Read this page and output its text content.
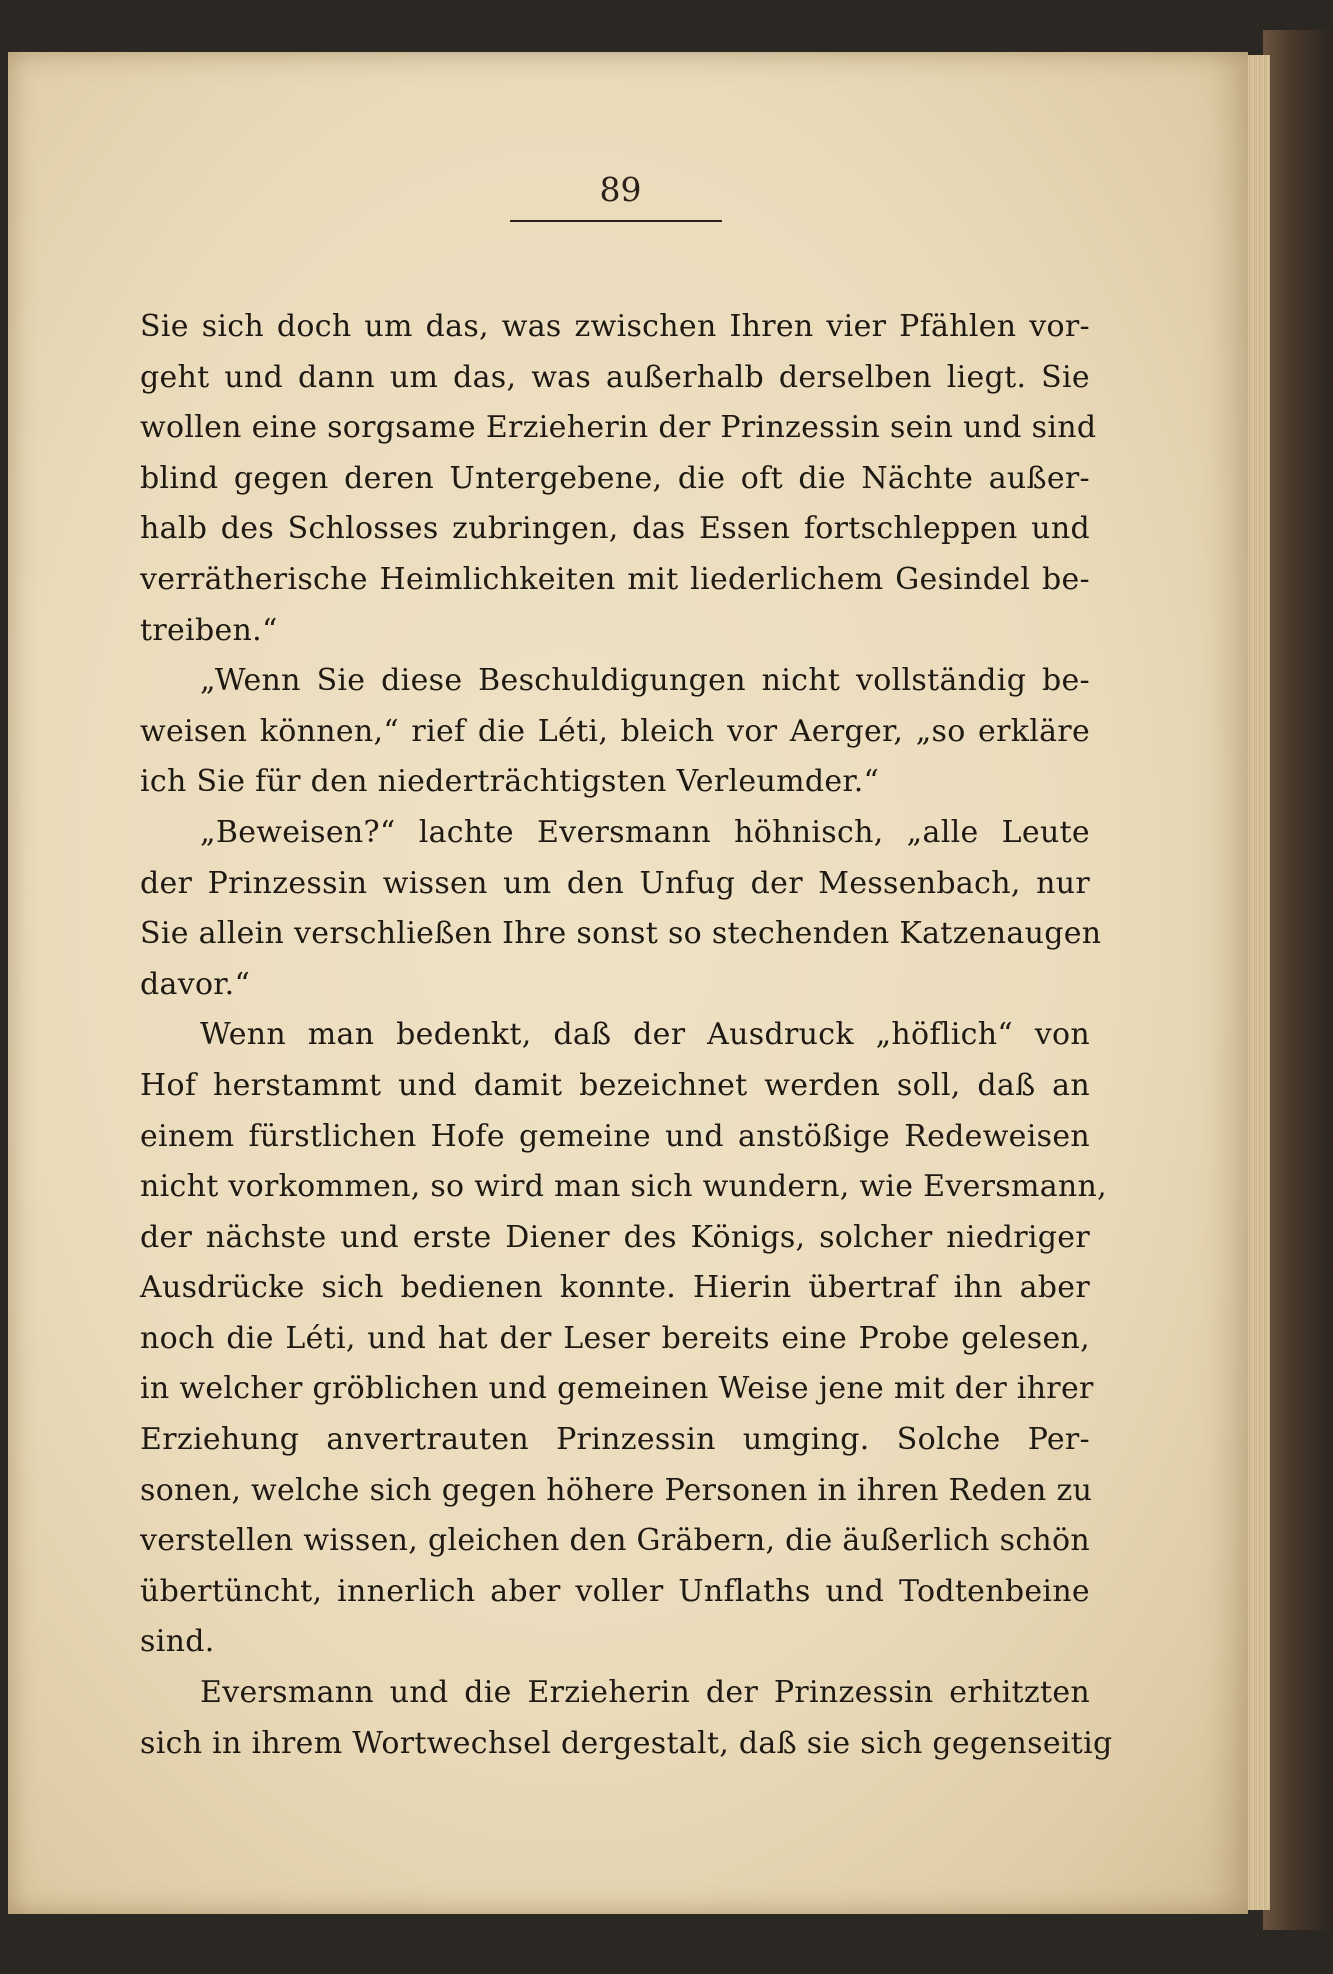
89
Sie sich doch um das, was zwischen Ihren vier Pfählen vor-
geht und dann um das, was außerhalb derselben liegt. Sie
wollen eine sorgsame Erzieherin der Prinzessin sein und sind
blind gegen deren Untergebene, die oft die Nächte außer-
halb des Schlosses zubringen, das Essen fortschleppen und
verrätherische Heimlichkeiten mit liederlichem Gesindel be-
treiben.“
„Wenn Sie diese Beschuldigungen nicht vollständig be-
weisen können,“ rief die Léti, bleich vor Aerger, „so erkläre
ich Sie für den niederträchtigsten Verleumder.“
„Beweisen?“ lachte Eversmann höhnisch, „alle Leute
der Prinzessin wissen um den Unfug der Messenbach, nur
Sie allein verschließen Ihre sonst so stechenden Katzenaugen
davor.“
Wenn man bedenkt, daß der Ausdruck „höflich“ von
Hof herstammt und damit bezeichnet werden soll, daß an
einem fürstlichen Hofe gemeine und anstößige Redeweisen
nicht vorkommen, so wird man sich wundern, wie Eversmann,
der nächste und erste Diener des Königs, solcher niedriger
Ausdrücke sich bedienen konnte. Hierin übertraf ihn aber
noch die Léti, und hat der Leser bereits eine Probe gelesen,
in welcher gröblichen und gemeinen Weise jene mit der ihrer
Erziehung anvertrauten Prinzessin umging. Solche Per-
sonen, welche sich gegen höhere Personen in ihren Reden zu
verstellen wissen, gleichen den Gräbern, die äußerlich schön
übertüncht, innerlich aber voller Unflaths und Todtenbeine
sind.
Eversmann und die Erzieherin der Prinzessin erhitzten
sich in ihrem Wortwechsel dergestalt, daß sie sich gegenseitig
